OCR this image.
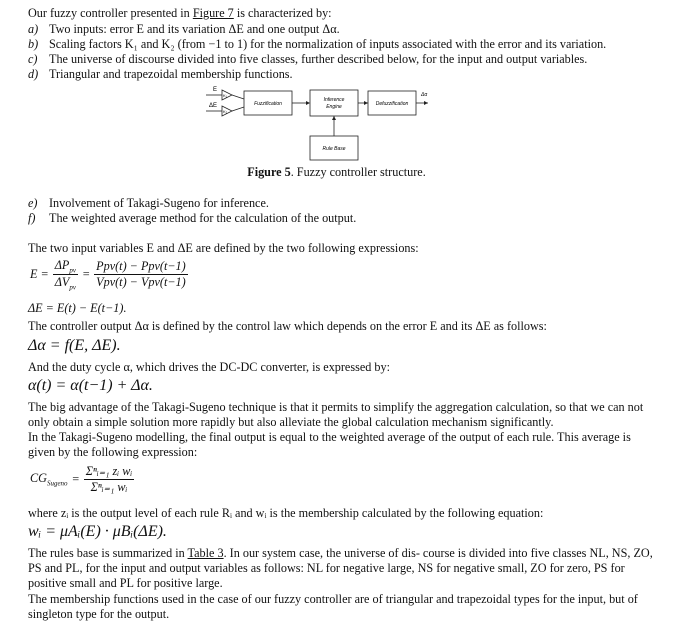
Our fuzzy controller presented in Figure 7 is characterized by:
a) Two inputs: error E and its variation ΔE and one output Δα.
b) Scaling factors K₁ and K₂ (from −1 to 1) for the normalization of inputs associated with the error and its variation.
c) The universe of discourse divided into five classes, further described below, for the input and output variables.
d) Triangular and trapezoidal membership functions.
E
ΔE
K₁
K₂
Fuzzification
Inference
Engine	Defuzzification
Δα
Rule Base
Figure 5. Fuzzy controller structure.
e) Involvement of Takagi-Sugeno for inference.
f) The weighted average method for the calculation of the output.
The two input variables E and ΔE are defined by the two following expressions:
E =
$\Delta P_{pv}$
$\Delta V_{pv}$
=
Ppv(t) − Ppv(t−1)
Vpv(t) − Vpv(t−1)
ΔE = E(t) − E(t−1).
The controller output Δα is defined by the control law which depends on the error E and its ΔE as follows:
Δα = f(E, ΔE).
And the duty cycle α, which drives the DC-DC converter, is expressed by:
α(t) = α(t−1) + Δα.
The big advantage of the Takagi-Sugeno technique is that it permits to simplify the aggregation calculation, so that we can not only obtain a simple solution more rapidly but also alleviate the global calculation mechanism significantly.
In the Takagi-Sugeno modelling, the final output is equal to the weighted average of the output of each rule. This average is given by the following expression:
$CG_{Sugeno}$ =
Σⁿᵢ₌₁ zᵢ wᵢ
Σⁿᵢ₌₁ wᵢ
where zᵢ is the output level of each rule Rᵢ and wᵢ is the membership calculated by the following equation:
wᵢ = μAᵢ(E) · μBᵢ(ΔE).
The rules base is summarized in Table 3. In our system case, the universe of dis- course is divided into five classes NL, NS, ZO, PS and PL, for the input and output variables as follows: NL for negative large, NS for negative small, ZO for zero, PS for positive small and PL for positive large.
The membership functions used in the case of our fuzzy controller are of triangular and trapezoidal types for the input, but of singleton type for the output.
